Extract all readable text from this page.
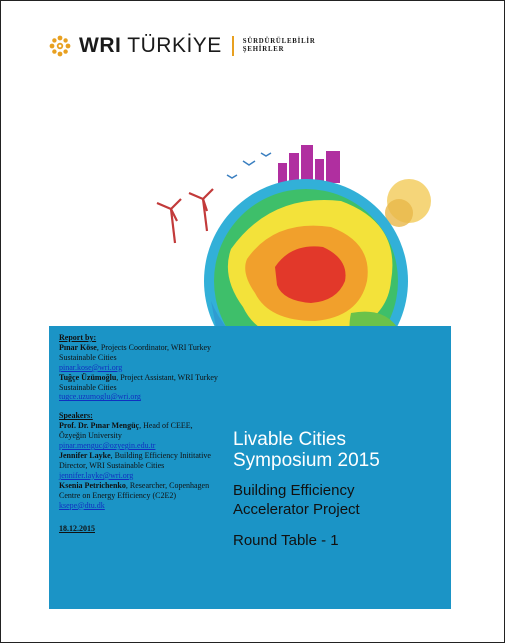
WRI TÜRKİYE	SÜRDÜRÜLEBİLİR
ŞEHİRLER
Report by:
Pınar Köse, Projects Coordinator, WRI Turkey Sustainable Cities
pinar.kose@wri.org
Tuğçe Üzümoğlu, Project Assistant, WRI Turkey Sustainable Cities
tugce.uzumoglu@wri.org
Speakers:
Prof. Dr. Pınar Mengüç, Head of CEEE, Özyeğin University
pinar.menguc@ozyegin.edu.tr
Jennifer Layke, Building Efficiency Inititative Director, WRI Sustainable Cities
jennifer.layke@wri.org
Ksenia Petrichenko, Researcher, Copenhagen Centre on Energy Efficiency (C2E2)
ksepe@dtu.dk
18.12.2015
Livable Cities
Symposium 2015
Building Efficiency
Accelerator Project
Round Table - 1
